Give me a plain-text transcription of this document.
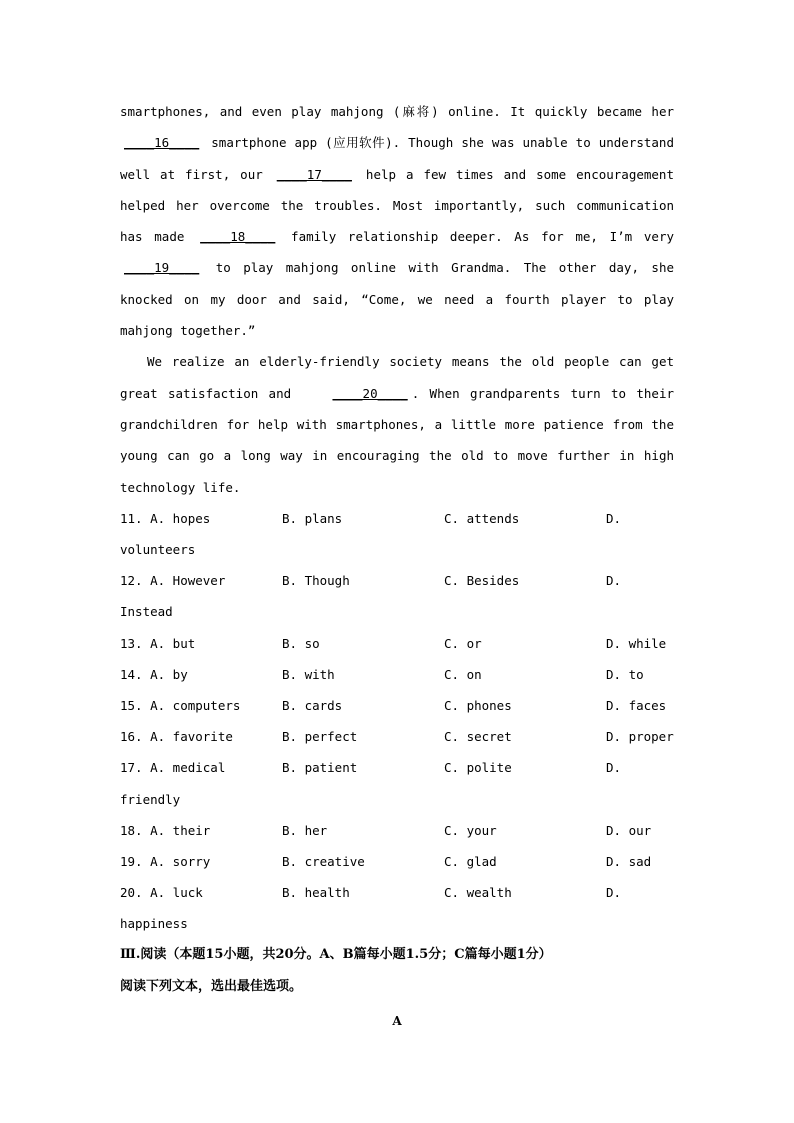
smartphones, and even play mahjong (麻将) online. It quickly became her ____16____ smartphone app (应用软件). Though she was unable to understand well at first, our ____17____ help a few times and some encouragement helped her overcome the troubles. Most importantly, such communication has made ____18____ family relationship deeper. As for me, I’m very ____19____ to play mahjong online with Grandma. The other day, she knocked on my door and said, “Come, we need a fourth player to play mahjong together.”

We realize an elderly-friendly society means the old people can get great satisfaction and ____20____ . When grandparents turn to their grandchildren for help with smartphones, a little more patience from the young can go a long way in encouraging the old to move further in high technology life.

11. A. hopes	B. plans	C. attends	D.
volunteers
12. A. However	B. Though	C. Besides	D.
Instead
13. A. but	B. so	C. or	D. while
14. A. by	B. with	C. on	D. to
15. A. computers	B. cards	C. phones	D. faces
16. A. favorite	B. perfect	C. secret	D. proper
17. A. medical	B. patient	C. polite	D.
friendly
18. A. their	B. her	C. your	D. our
19. A. sorry	B. creative	C. glad	D. sad
20. A. luck	B. health	C. wealth	D.
happiness
Ⅲ.阅读（本题15小题，共20分。A、B篇每小题1.5分；C篇每小题1分）
阅读下列文本，选出最佳选项。
A
